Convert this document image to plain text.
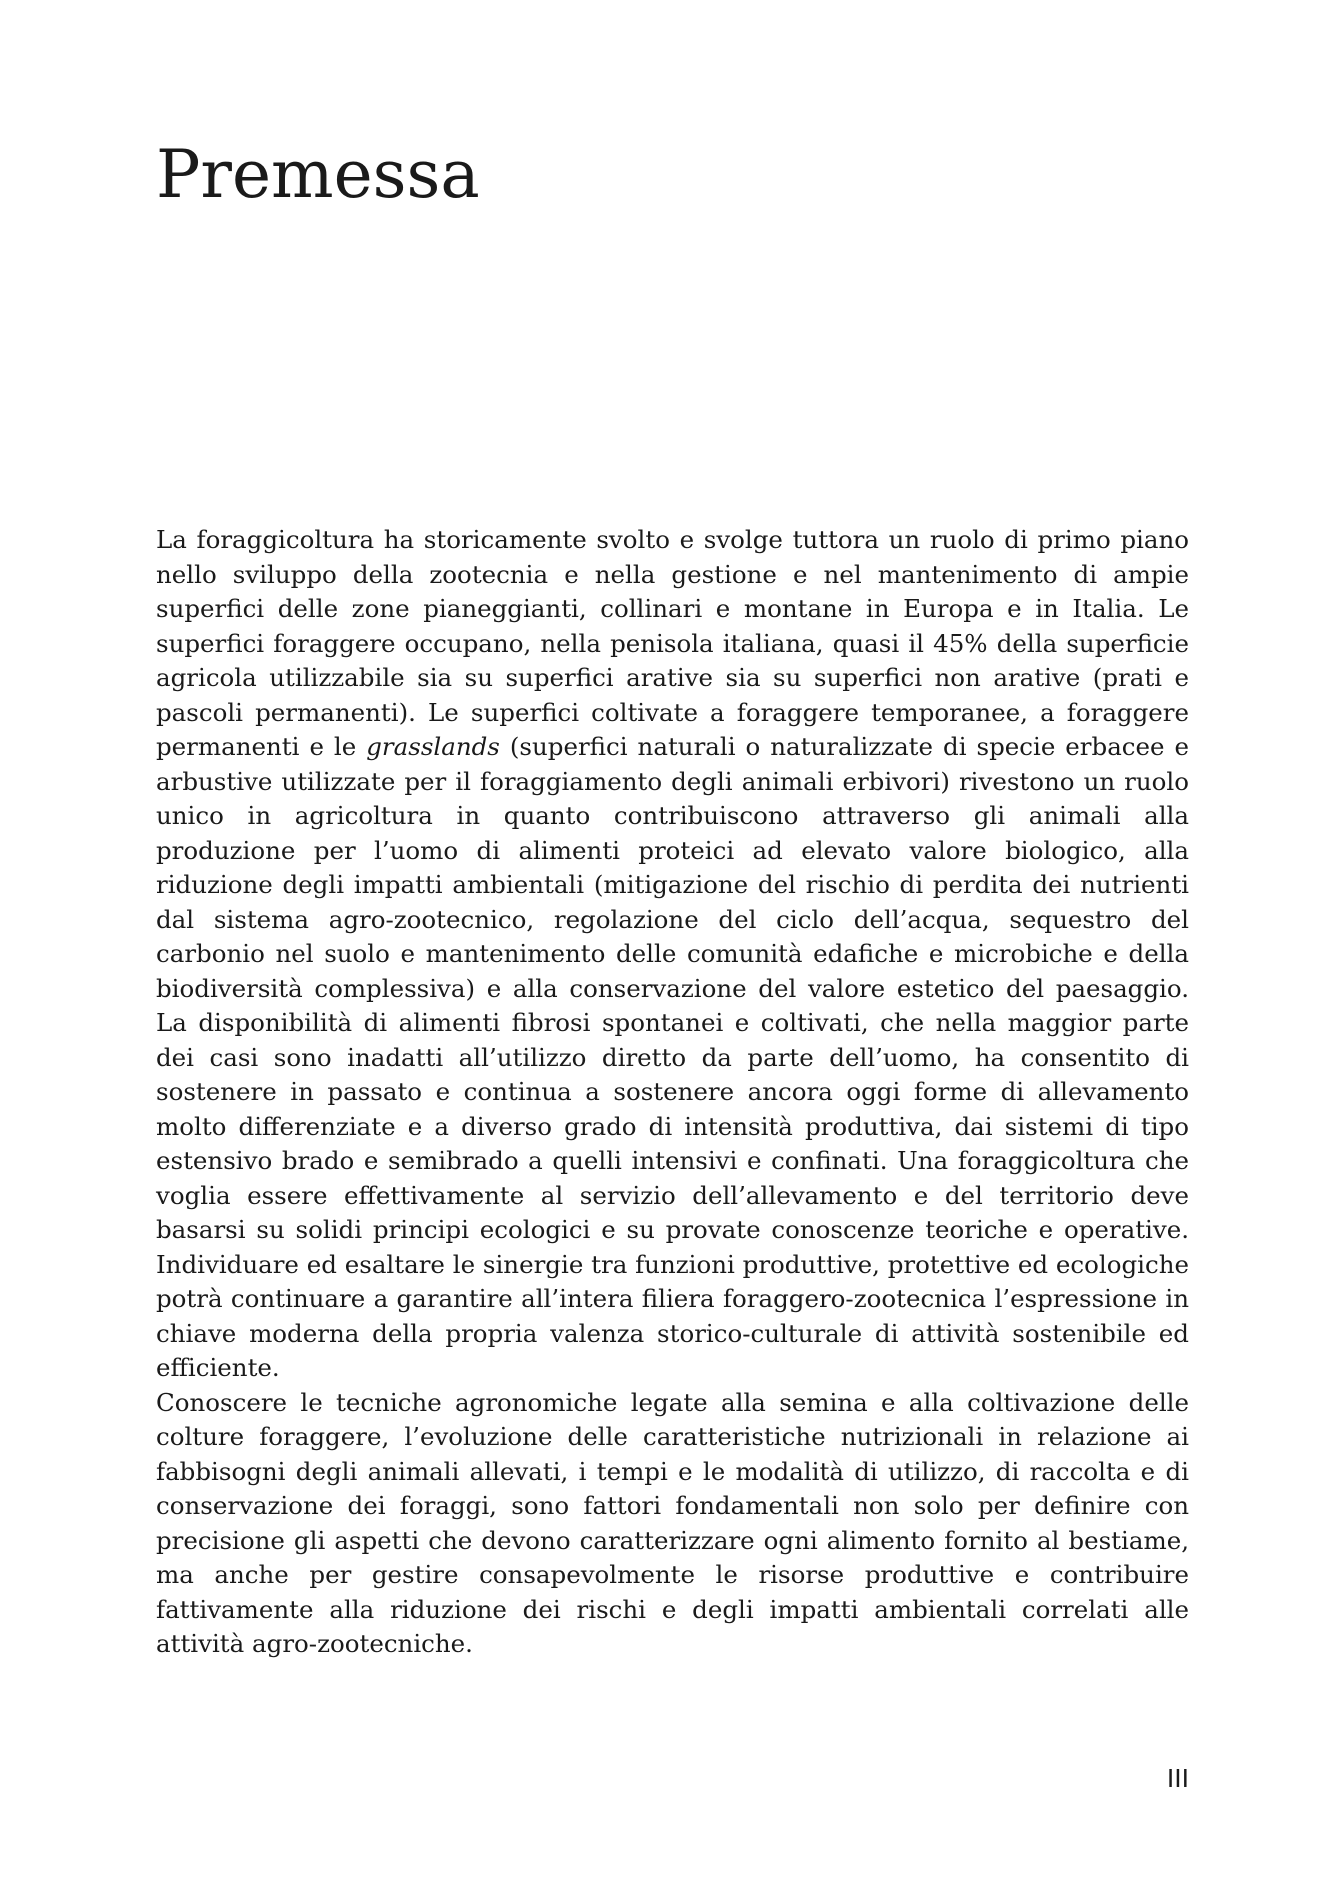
Premessa

La foraggicoltura ha storicamente svolto e svolge tuttora un ruolo di primo piano nello sviluppo della zootecnia e nella gestione e nel mantenimento di ampie superfici delle zone pianeggianti, collinari e montane in Europa e in Italia. Le superfici foraggere occupano, nella penisola italiana, quasi il 45% della superficie agricola utilizzabile sia su superfici arative sia su superfici non arative (prati e pascoli permanenti). Le superfici coltivate a foraggere temporanee, a foraggere permanenti e le grasslands (superfici naturali o naturalizzate di specie erbacee e arbustive utilizzate per il foraggiamento degli animali erbivori) rivestono un ruolo unico in agricoltura in quanto contribuiscono attraverso gli animali alla produzione per l’uomo di alimenti proteici ad elevato valore biologico, alla riduzione degli impatti ambientali (mitigazione del rischio di perdita dei nutrienti dal sistema agro-zootecnico, regolazione del ciclo dell’acqua, sequestro del carbonio nel suolo e mantenimento delle comunità edafiche e microbiche e della biodiversità complessiva) e alla conservazione del valore estetico del paesaggio. La disponibilità di alimenti fibrosi spontanei e coltivati, che nella maggior parte dei casi sono inadatti all’utilizzo diretto da parte dell’uomo, ha consentito di sostenere in passato e continua a sostenere ancora oggi forme di allevamento molto differenziate e a diverso grado di intensità produttiva, dai sistemi di tipo estensivo brado e semibrado a quelli intensivi e confinati. Una foraggicoltura che voglia essere effettivamente al servizio dell’allevamento e del territorio deve basarsi su solidi principi ecologici e su provate conoscenze teoriche e operative. Individuare ed esaltare le sinergie tra funzioni produttive, protettive ed ecologiche potrà continuare a garantire all’intera filiera foraggero-zootecnica l’espressione in chiave moderna della propria valenza storico-culturale di attività sostenibile ed efficiente.

Conoscere le tecniche agronomiche legate alla semina e alla coltivazione delle colture foraggere, l’evoluzione delle caratteristiche nutrizionali in relazione ai fabbisogni degli animali allevati, i tempi e le modalità di utilizzo, di raccolta e di conservazione dei foraggi, sono fattori fondamentali non solo per definire con precisione gli aspetti che devono caratterizzare ogni alimento fornito al bestiame, ma anche per gestire consapevolmente le risorse produttive e contribuire fattivamente alla riduzione dei rischi e degli impatti ambientali correlati alle attività agro-zootecniche.

III
